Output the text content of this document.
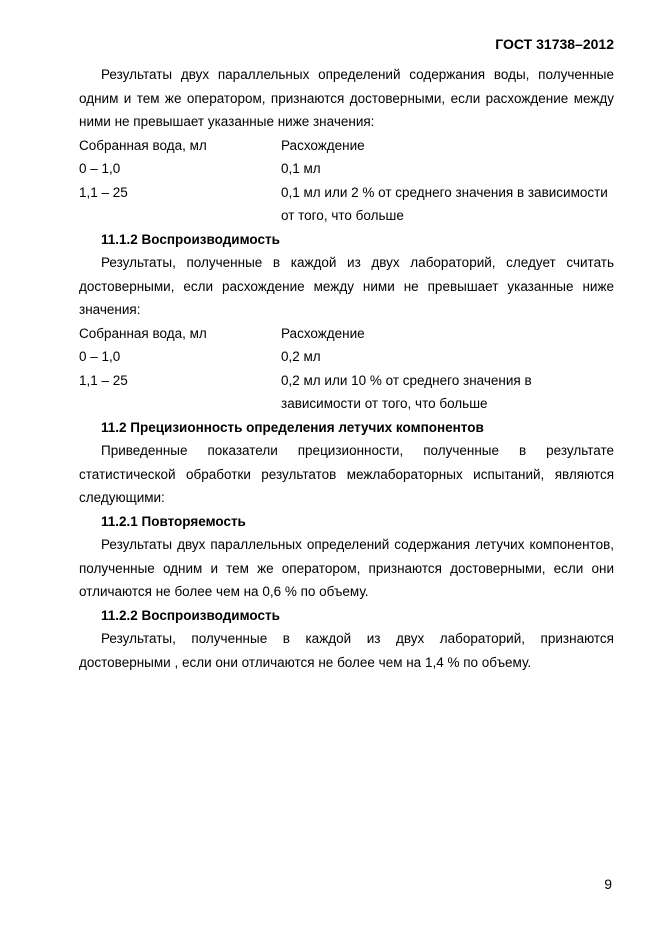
ГОСТ 31738–2012

Результаты двух параллельных определений содержания воды, полученные одним и тем же оператором, признаются достоверными, если расхождение между ними не превышает указанные ниже значения:

Собранная вода, мл	Расхождение
0 – 1,0	0,1 мл
1,1 – 25	0,1 мл или 2 % от среднего значения в зависимости от того, что больше

11.1.2 Воспроизводимость

Результаты, полученные в каждой из двух лабораторий, следует считать достоверными, если расхождение между ними не превышает указанные ниже значения:

Собранная вода, мл	Расхождение
0 – 1,0	0,2 мл
1,1 – 25	0,2 мл или 10 % от среднего значения в зависимости от того, что больше

11.2 Прецизионность определения летучих компонентов

Приведенные показатели прецизионности, полученные в результате статистической обработки результатов межлабораторных испытаний, являются следующими:

11.2.1 Повторяемость

Результаты двух параллельных определений содержания летучих компонентов, полученные одним и тем же оператором, признаются достоверными, если они отличаются не более чем на 0,6 % по объему.

11.2.2 Воспроизводимость

Результаты, полученные в каждой из двух лабораторий, признаются достоверными , если они отличаются не более чем на 1,4 % по объему.

9
